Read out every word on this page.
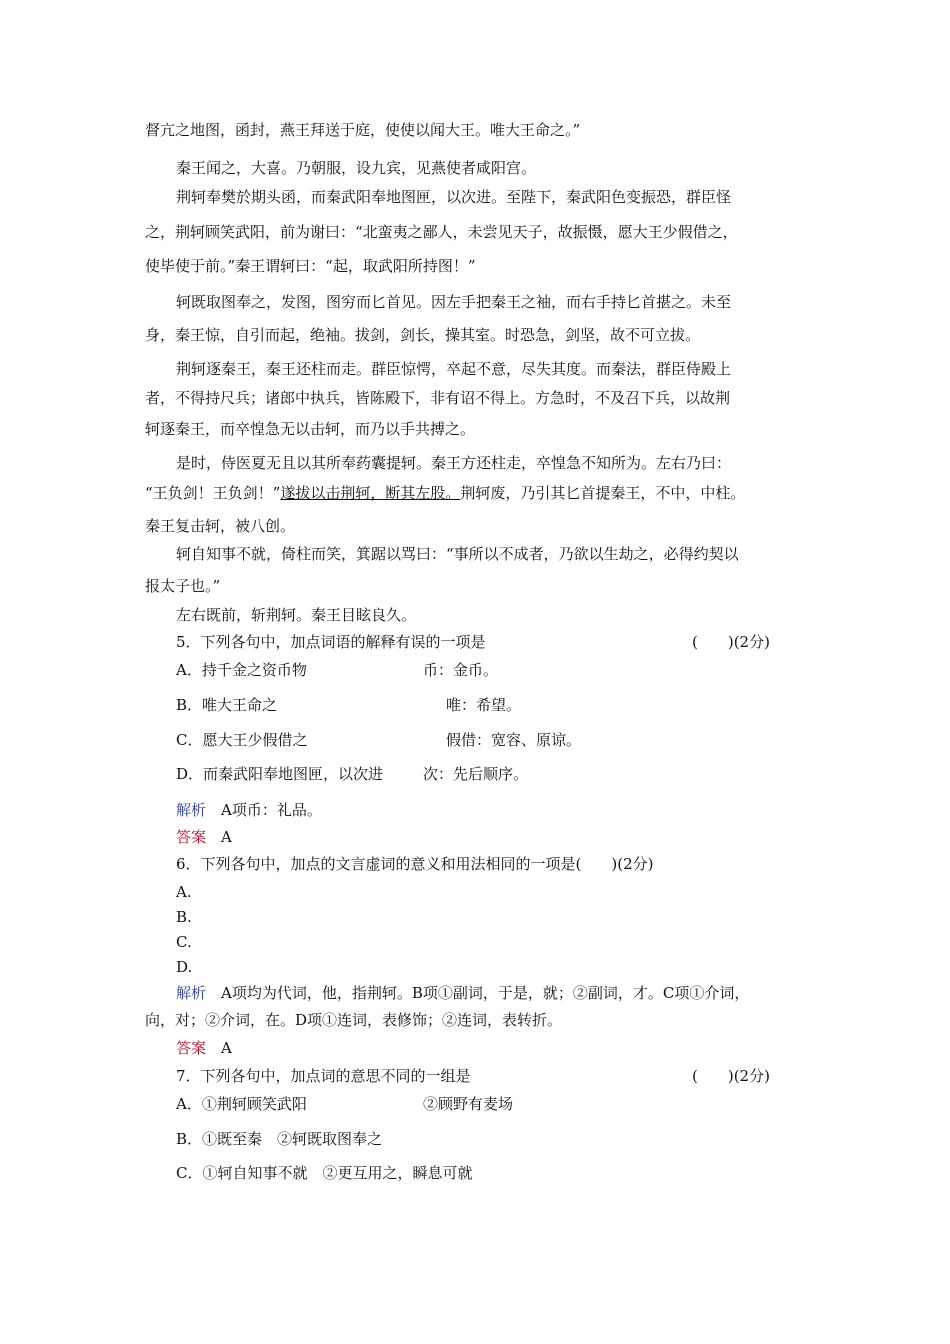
督亢之地图，函封，燕王拜送于庭，使使以闻大王。唯大王命之。”
秦王闻之，大喜。乃朝服，设九宾，见燕使者咸阳宫。
荆轲奉樊於期头函，而秦武阳奉地图匣，以次进。至陛下，秦武阳色变振恐，群臣怪
之，荆轲顾笑武阳，前为谢曰：“北蛮夷之鄙人，未尝见天子，故振慑，愿大王少假借之，
使毕使于前。”秦王谓轲曰：“起，取武阳所持图！”
轲既取图奉之，发图，图穷而匕首见。因左手把秦王之袖，而右手持匕首揕之。未至
身，秦王惊，自引而起，绝袖。拔剑，剑长，操其室。时恐急，剑坚，故不可立拔。
荆轲逐秦王，秦王还柱而走。群臣惊愕，卒起不意，尽失其度。而秦法，群臣侍殿上
者，不得持尺兵；诸郎中执兵，皆陈殿下，非有诏不得上。方急时，不及召下兵，以故荆
轲逐秦王，而卒惶急无以击轲，而乃以手共搏之。
是时，侍医夏无且以其所奉药囊提轲。秦王方还柱走，卒惶急不知所为。左右乃曰：
“王负剑！王负剑！”遂拔以击荆轲，断其左股。荆轲废，乃引其匕首提秦王，不中，中柱。
秦王复击轲，被八创。
轲自知事不就，倚柱而笑，箕踞以骂曰：“事所以不成者，乃欲以生劫之，必得约契以
报太子也。”
左右既前，斩荆轲。秦王目眩良久。
5．下列各句中，加点词语的解释有误的一项是	(　　)(2分)
A．持千金之资币物	币：金币。
B．唯大王命之	唯：希望。
C．愿大王少假借之	假借：宽容、原谅。
D．而秦武阳奉地图匣，以次进	次：先后顺序。
解析　A项币：礼品。
答案　A
6．下列各句中，加点的文言虚词的意义和用法相同的一项是(　　)(2分)
A.
B.
C.
D.
解析　A项均为代词，他，指荆轲。B项①副词，于是，就；②副词，才。C项①介词，
向，对；②介词，在。D项①连词，表修饰；②连词，表转折。
答案　A
7．下列各句中，加点词的意思不同的一组是	(　　)(2分)
A．①荆轲顾笑武阳	②顾野有麦场
B．①既至秦　②轲既取图奉之
C．①轲自知事不就　②更互用之，瞬息可就
